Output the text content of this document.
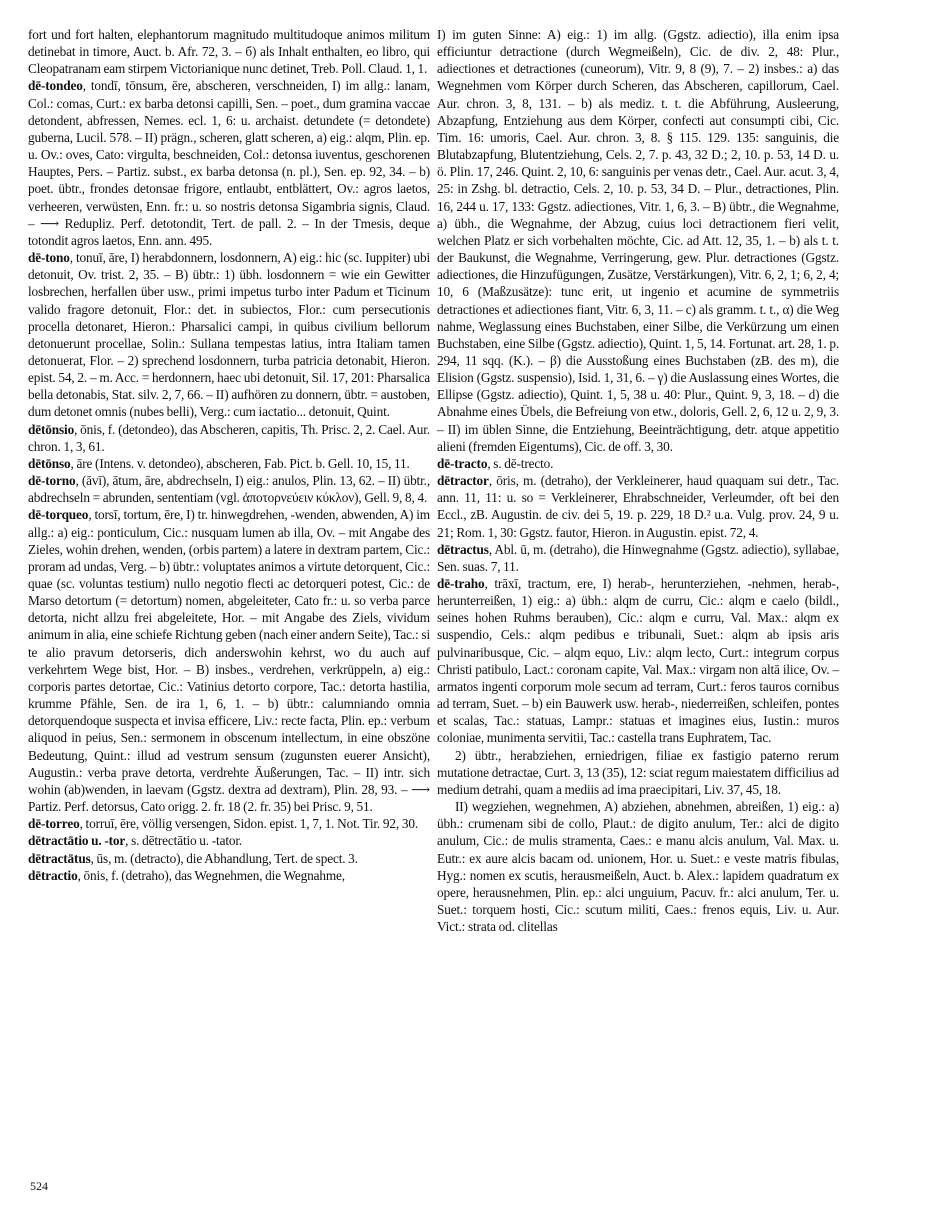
fort und fort halten, elephantorum magnitudo multitudoque animos militum detinebat in timore, Auct. b. Afr. 72, 3. – б) als Inhalt enthalten, eo libro, qui Cleopatranam eam stirpem Victorianique nunc detinet, Treb. Poll. Claud. 1, 1.

dē-tondeo, tondī, tōnsum, ēre, abscheren, verschneiden, I) im allg.: lanam, Col.: comas, Curt.: ex barba detonsi capilli, Sen. – poet., dum gramina vaccae detondent, abfressen, Nemes. ecl. 1, 6: u. archaist. detundete (= detondete) guberna, Lucil. 578. – II) prägn., scheren, glatt scheren, a) eig.: alqm, Plin. ep. u. Ov.: oves, Cato: virgulta, beschneiden, Col.: detonsa iuventus, geschorenen Hauptes, Pers. – Partiz. subst., ex barba detonsa (n. pl.), Sen. ep. 92, 34. – b) poet. übtr., frondes detonsae frigore, entlaubt, entblättert, Ov.: agros laetos, verheeren, verwüsten, Enn. fr.: u. so nostris detonsa Sigambria signis, Claud. – ⟶ Redupliz. Perf. detotondit, Tert. de pall. 2. – In der Tmesis, deque totondit agros laetos, Enn. ann. 495.

dē-tono, tonuī, āre, I) herabdonnern, losdonnern, A) eig.: hic (sc. Iuppiter) ubi detonuit, Ov. trist. 2, 35. – B) übtr.: 1) übh. losdonnern = wie ein Gewitter losbrechen, herfallen über usw., primi impetus turbo inter Padum et Ticinum valido fragore detonuit, Flor.: det. in subiectos, Flor.: cum persecutionis procella detonaret, Hieron.: Pharsalici campi, in quibus civilium bellorum detonuerunt procellae, Solin.: Sullana tempestas latius, intra Italiam tamen detonuerat, Flor. – 2) sprechend losdonnern, turba patricia detonabit, Hieron. epist. 54, 2. – m. Acc. = herdonnern, haec ubi detonuit, Sil. 17, 201: Pharsalica bella detonabis, Stat. silv. 2, 7, 66. – II) aufhören zu donnern, übtr. = austoben, dum detonet omnis (nubes belli), Verg.: cum iactatio... detonuit, Quint.

dētōnsio, ōnis, f. (detondeo), das Abscheren, capitis, Th. Prisc. 2, 2. Cael. Aur. chron. 1, 3, 61.

dētōnso, āre (Intens. v. detondeo), abscheren, Fab. Pict. b. Gell. 10, 15, 11.

dē-torno, (āvī), ātum, āre, abdrechseln, I) eig.: anulos, Plin. 13, 62. – II) übtr., abdrechseln = abrunden, sententiam (vgl. ἀποτορνεύειν κύκλον), Gell. 9, 8, 4.

dē-torqueo, torsī, tortum, ēre, I) tr. hinwegdrehen, -wenden, abwenden, A) im allg.: a) eig.: ponticulum, Cic.: nusquam lumen ab illa, Ov. – mit Angabe des Zieles, wohin drehen, wenden, (orbis partem) a latere in dextram partem, Cic.: proram ad undas, Verg. – b) übtr.: voluptates animos a virtute detorquent, Cic.: quae (sc. voluntas testium) nullo negotio flecti ac detorqueri potest, Cic.: de Marso detortum (= detortum) nomen, abgeleiteter, Cato fr.: u. so verba parce detorta, nicht allzu frei abgeleitete, Hor. – mit Angabe des Ziels, vividum animum in alia, eine schiefe Richtung geben (nach einer andern Seite), Tac.: si te alio pravum detorseris, dich anderswohin kehrst, wo du auch auf verkehrtem Wege bist, Hor. – B) insbes., verdrehen, verkrüppeln, a) eig.: corporis partes detortae, Cic.: Vatinius detorto corpore, Tac.: detorta hastilia, krumme Pfähle, Sen. de ira 1, 6, 1. – b) übtr.: calumniando omnia detorquendoque suspecta et invisa efficere, Liv.: recte facta, Plin. ep.: verbum aliquod in peius, Sen.: sermonem in obscenum intellectum, in eine obszöne Bedeutung, Quint.: illud ad vestrum sensum (zugunsten euerer Ansicht), Augustin.: verba prave detorta, verdrehte Äußerungen, Tac. – II) intr. sich wohin (ab)wenden, in laevam (Ggstz. dextra ad dextram), Plin. 28, 93. – ⟶ Partiz. Perf. detorsus, Cato origg. 2. fr. 18 (2. fr. 35) bei Prisc. 9, 51.

dē-torreo, torruī, ēre, völlig versengen, Sidon. epist. 1, 7, 1. Not. Tir. 92, 30.

dētractātio u. -tor, s. dētrectātio u. -tator.

dētractātus, ūs, m. (detracto), die Abhandlung, Tert. de spect. 3.

dētractio, ōnis, f. (detraho), das Wegnehmen, die Wegnahme,

I) im guten Sinne: A) eig.: 1) im allg. (Ggstz. adiectio), illa enim ipsa efficiuntur detractione (durch Wegmeißeln), Cic. de div. 2, 48: Plur., adiectiones et detractiones (cuneorum), Vitr. 9, 8 (9), 7. – 2) insbes.: a) das Wegnehmen vom Körper durch Scheren, das Abscheren, capillorum, Cael. Aur. chron. 3, 8, 131. – b) als mediz. t. t. die Abführung, Ausleerung, Abzapfung, Entziehung aus dem Körper, confecti aut consumpti cibi, Cic. Tim. 16: umoris, Cael. Aur. chron. 3, 8. § 115. 129. 135: sanguinis, die Blutabzapfung, Blutentziehung, Cels. 2, 7. p. 43, 32 D.; 2, 10. p. 53, 14 D. u. ö. Plin. 17, 246. Quint. 2, 10, 6: sanguinis per venas detr., Cael. Aur. acut. 3, 4, 25: in Zshg. bl. detractio, Cels. 2, 10. p. 53, 34 D. – Plur., detractiones, Plin. 16, 244 u. 17, 133: Ggstz. adiectiones, Vitr. 1, 6, 3. – B) übtr., die Wegnahme, a) übh., die Wegnahme, der Abzug, cuius loci detractionem fieri velit, welchen Platz er sich vorbehalten möchte, Cic. ad Att. 12, 35, 1. – b) als t. t. der Baukunst, die Wegnahme, Verringerung, gew. Plur. detractiones (Ggstz. adiectiones, die Hinzufügungen, Zusätze, Verstärkungen), Vitr. 6, 2, 1; 6, 2, 4; 10, 6 (Maßzusätze): tunc erit, ut ingenio et acumine de symmetriis detractiones et adiectiones fiant, Vitr. 6, 3, 11. – c) als gramm. t. t., α) die Weg nahme, Weglassung eines Buchstaben, einer Silbe, die Verkürzung um einen Buchstaben, eine Silbe (Ggstz. adiectio), Quint. 1, 5, 14. Fortunat. art. 28, 1. p. 294, 11 sqq. (K.). – β) die Ausstoßung eines Buchstaben (zB. des m), die Elision (Ggstz. suspensio), Isid. 1, 31, 6. – γ) die Auslassung eines Wortes, die Ellipse (Ggstz. adiectio), Quint. 1, 5, 38 u. 40: Plur., Quint. 9, 3, 18. – d) die Abnahme eines Übels, die Befreiung von etw., doloris, Gell. 2, 6, 12 u. 2, 9, 3. – II) im üblen Sinne, die Entziehung, Beeinträchtigung, detr. atque appetitio alieni (fremden Eigentums), Cic. de off. 3, 30.

dē-tracto, s. dē-trecto.

dētractor, ōris, m. (detraho), der Verkleinerer, haud quaquam sui detr., Tac. ann. 11, 11: u. so = Verkleinerer, Ehrabschneider, Verleumder, oft bei den Eccl., zB. Augustin. de civ. dei 5, 19. p. 229, 18 D.² u.a. Vulg. prov. 24, 9 u. 21; Rom. 1, 30: Ggstz. fautor, Hieron. in Augustin. epist. 72, 4.

dētractus, Abl. ū, m. (detraho), die Hinwegnahme (Ggstz. adiectio), syllabae, Sen. suas. 7, 11.

dē-traho, trāxī, tractum, ere, I) herab-, herunterziehen, -nehmen, herab-, herunterreißen, 1) eig.: a) übh.: alqm de curru, Cic.: alqm e caelo (bildl., seines hohen Ruhms berauben), Cic.: alqm e curru, Val. Max.: alqm ex suspendio, Cels.: alqm pedibus e tribunali, Suet.: alqm ab ipsis aris pulvinaribusque, Cic. – alqm equo, Liv.: alqm lecto, Curt.: integrum corpus Christi patibulo, Lact.: coronam capite, Val. Max.: virgam non altā ilice, Ov. – armatos ingenti corporum mole secum ad terram, Curt.: feros tauros cornibus ad terram, Suet. – b) ein Bauwerk usw. herab-, niederreißen, schleifen, pontes et scalas, Tac.: statuas, Lampr.: statuas et imagines eius, Iustin.: muros coloniae, munimenta servitii, Tac.: castella trans Euphratem, Tac.

2) übtr., herabziehen, erniedrigen, filiae ex fastigio paterno rerum mutatione detractae, Curt. 3, 13 (35), 12: sciat regum maiestatem difficilius ad medium detrahi, quam a mediis ad ima praecipitari, Liv. 37, 45, 18.

II) wegziehen, wegnehmen, A) abziehen, abnehmen, abreißen, 1) eig.: a) übh.: crumenam sibi de collo, Plaut.: de digito anulum, Ter.: alci de digito anulum, Cic.: de mulis stramenta, Caes.: e manu alcis anulum, Val. Max. u. Eutr.: ex aure alcis bacam od. unionem, Hor. u. Suet.: e veste matris fibulas, Hyg.: nomen ex scutis, herausmeißeln, Auct. b. Alex.: lapidem quadratum ex opere, herausnehmen, Plin. ep.: alci unguium, Pacuv. fr.: alci anulum, Ter. u. Suet.: torquem hosti, Cic.: scutum militi, Caes.: frenos equis, Liv. u. Aur. Vict.: strata od. clitellas

524
